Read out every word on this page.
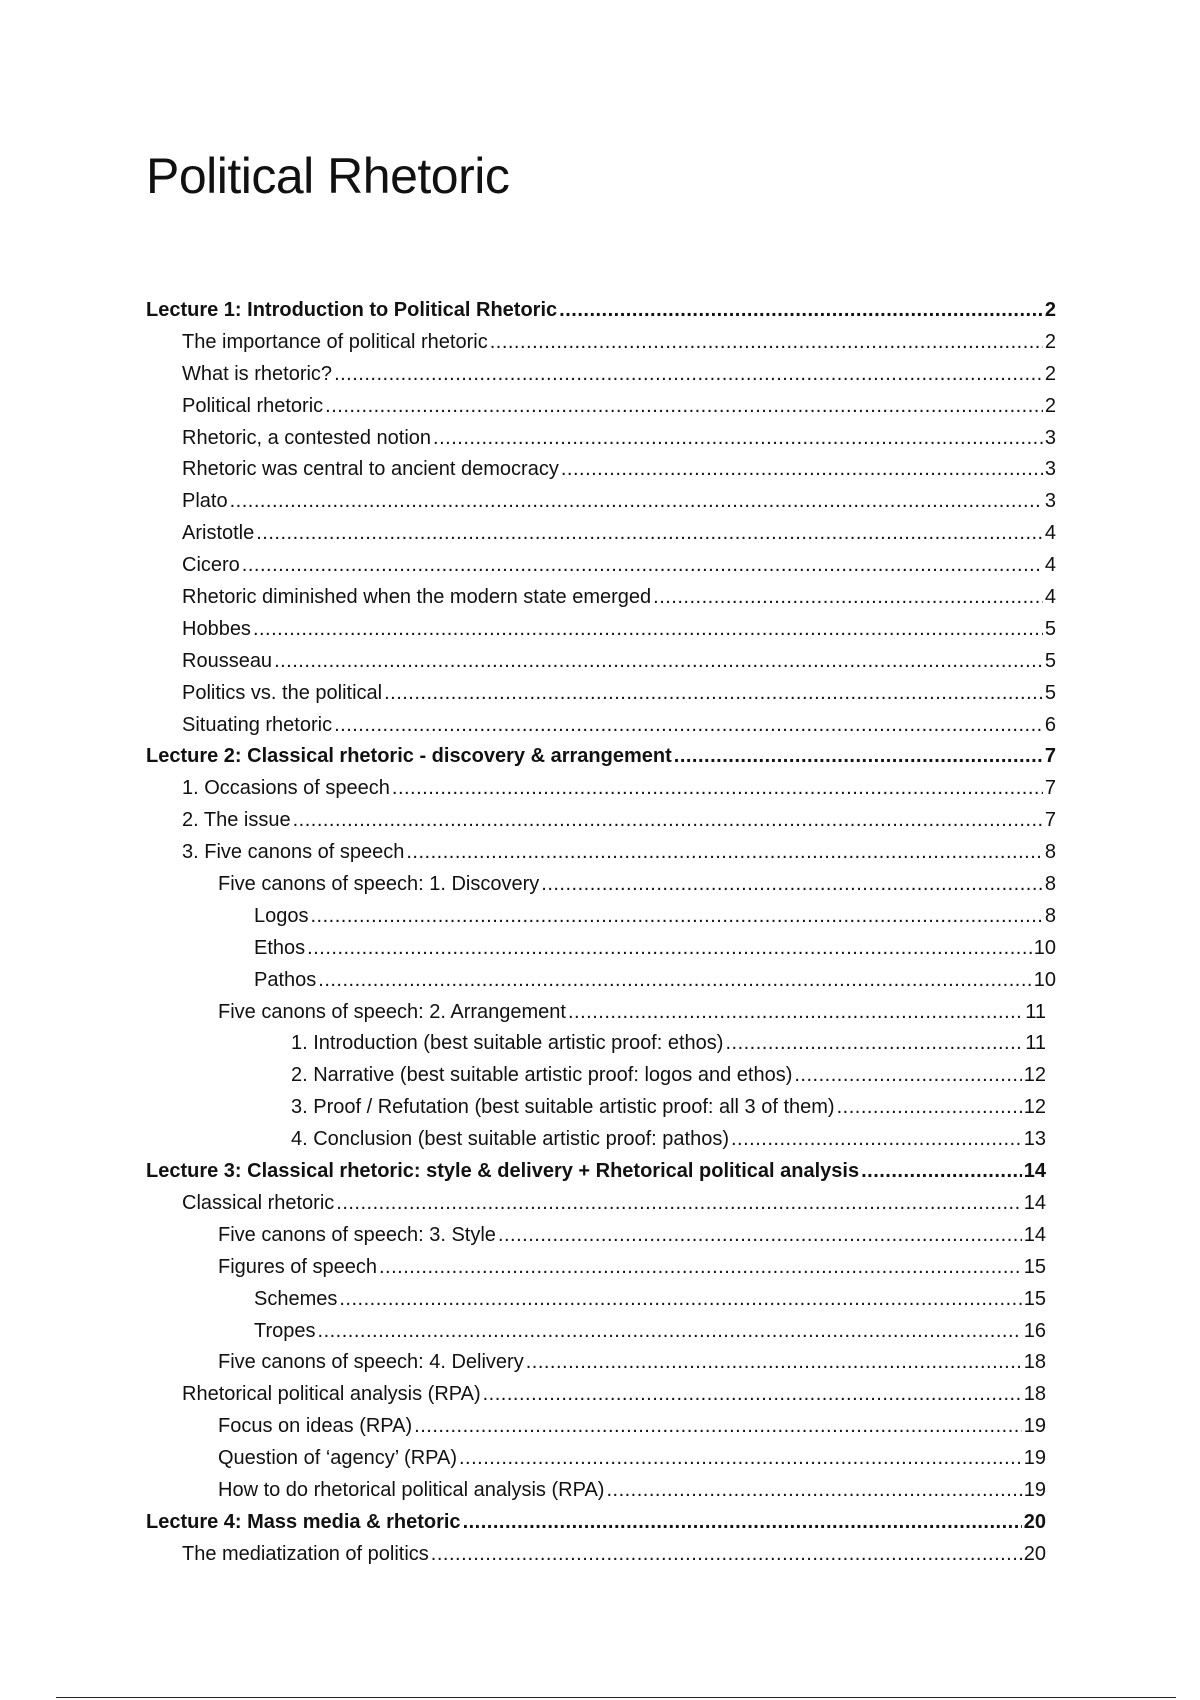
Political Rhetoric
Lecture 1: Introduction to Political Rhetoric .....	2
The importance of political rhetoric .....	2
What is rhetoric? .....	2
Political rhetoric .....	2
Rhetoric, a contested notion .....	3
Rhetoric was central to ancient democracy .....	3
Plato .....	3
Aristotle .....	4
Cicero .....	4
Rhetoric diminished when the modern state emerged .....	4
Hobbes .....	5
Rousseau .....	5
Politics vs. the political .....	5
Situating rhetoric .....	6
Lecture 2: Classical rhetoric - discovery & arrangement .....	7
1. Occasions of speech .....	7
2. The issue .....	7
3. Five canons of speech .....	8
Five canons of speech: 1. Discovery .....	8
Logos .....	8
Ethos .....	10
Pathos .....	10
Five canons of speech: 2. Arrangement .....	11
1. Introduction (best suitable artistic proof: ethos) .....	11
2. Narrative (best suitable artistic proof: logos and ethos) .....	12
3. Proof / Refutation (best suitable artistic proof: all 3 of them) .....	12
4. Conclusion (best suitable artistic proof: pathos) .....	13
Lecture 3: Classical rhetoric: style & delivery + Rhetorical political analysis .....	14
Classical rhetoric .....	14
Five canons of speech: 3. Style .....	14
Figures of speech .....	15
Schemes .....	15
Tropes .....	16
Five canons of speech: 4. Delivery .....	18
Rhetorical political analysis (RPA) .....	18
Focus on ideas (RPA) .....	19
Question of ‘agency’ (RPA) .....	19
How to do rhetorical political analysis (RPA) .....	19
Lecture 4: Mass media & rhetoric .....	20
The mediatization of politics .....	20
